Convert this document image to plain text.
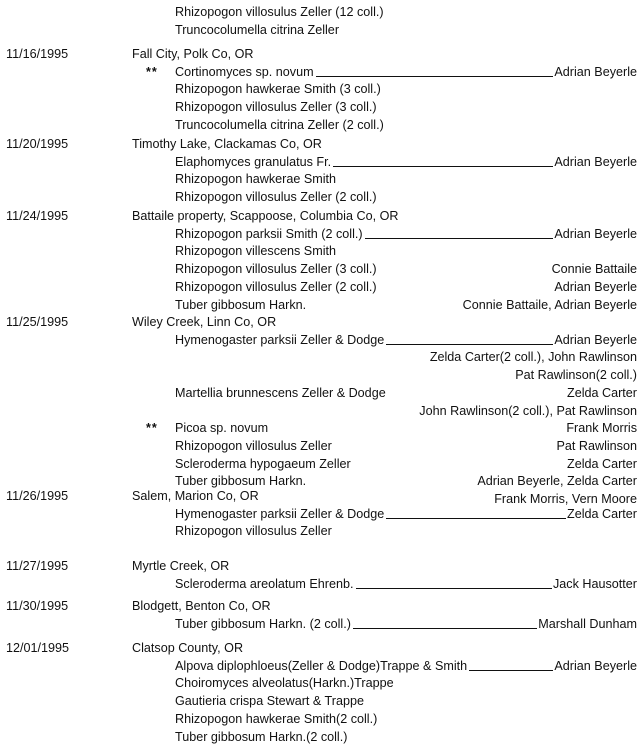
Rhizopogon villosulus Zeller (12 coll.)
Truncocolumella citrina Zeller
11/16/1995	Fall City, Polk Co, OR
** Cortinomyces sp. novum	Adrian Beyerle
Rhizopogon hawkerae Smith (3 coll.)
Rhizopogon villosulus Zeller (3 coll.)
Truncocolumella citrina Zeller (2 coll.)
11/20/1995	Timothy Lake, Clackamas Co, OR
Elaphomyces granulatus Fr.	Adrian Beyerle
Rhizopogon hawkerae Smith
Rhizopogon villosulus Zeller (2 coll.)
11/24/1995	Battaile property, Scappoose, Columbia Co, OR
Rhizopogon parksii Smith (2 coll.)	Adrian Beyerle
Rhizopogon villescens Smith
Rhizopogon villosulus Zeller (3 coll.)	Connie Battaile
Rhizopogon villosulus Zeller (2 coll.)	Adrian Beyerle
Tuber gibbosum Harkn.	Connie Battaile, Adrian Beyerle
11/25/1995	Wiley Creek, Linn Co, OR
Hymenogaster parksii Zeller & Dodge	Adrian Beyerle
Zelda Carter(2 coll.), John Rawlinson
Pat Rawlinson(2 coll.)
Martellia brunnescens Zeller & Dodge	Zelda Carter
John Rawlinson(2 coll.), Pat Rawlinson
** Picoa sp. novum	Frank Morris
Rhizopogon villosulus Zeller	Pat Rawlinson
Scleroderma hypogaeum Zeller	Zelda Carter
Tuber gibbosum Harkn.	Adrian Beyerle, Zelda Carter
Frank Morris, Vern Moore
11/26/1995	Salem, Marion Co, OR
Hymenogaster parksii Zeller & Dodge	Zelda Carter
Rhizopogon villosulus Zeller
11/27/1995	Myrtle Creek, OR
Scleroderma areolatum Ehrenb.	Jack Hausotter
11/30/1995	Blodgett, Benton Co, OR
Tuber gibbosum Harkn. (2 coll.)	Marshall Dunham
12/01/1995	Clatsop County, OR
Alpova diplophloeus(Zeller & Dodge)Trappe & Smith	Adrian Beyerle
Choiromyces alveolatus(Harkn.)Trappe
Gautieria crispa Stewart & Trappe
Rhizopogon hawkerae Smith(2 coll.)
Tuber gibbosum Harkn.(2 coll.)
